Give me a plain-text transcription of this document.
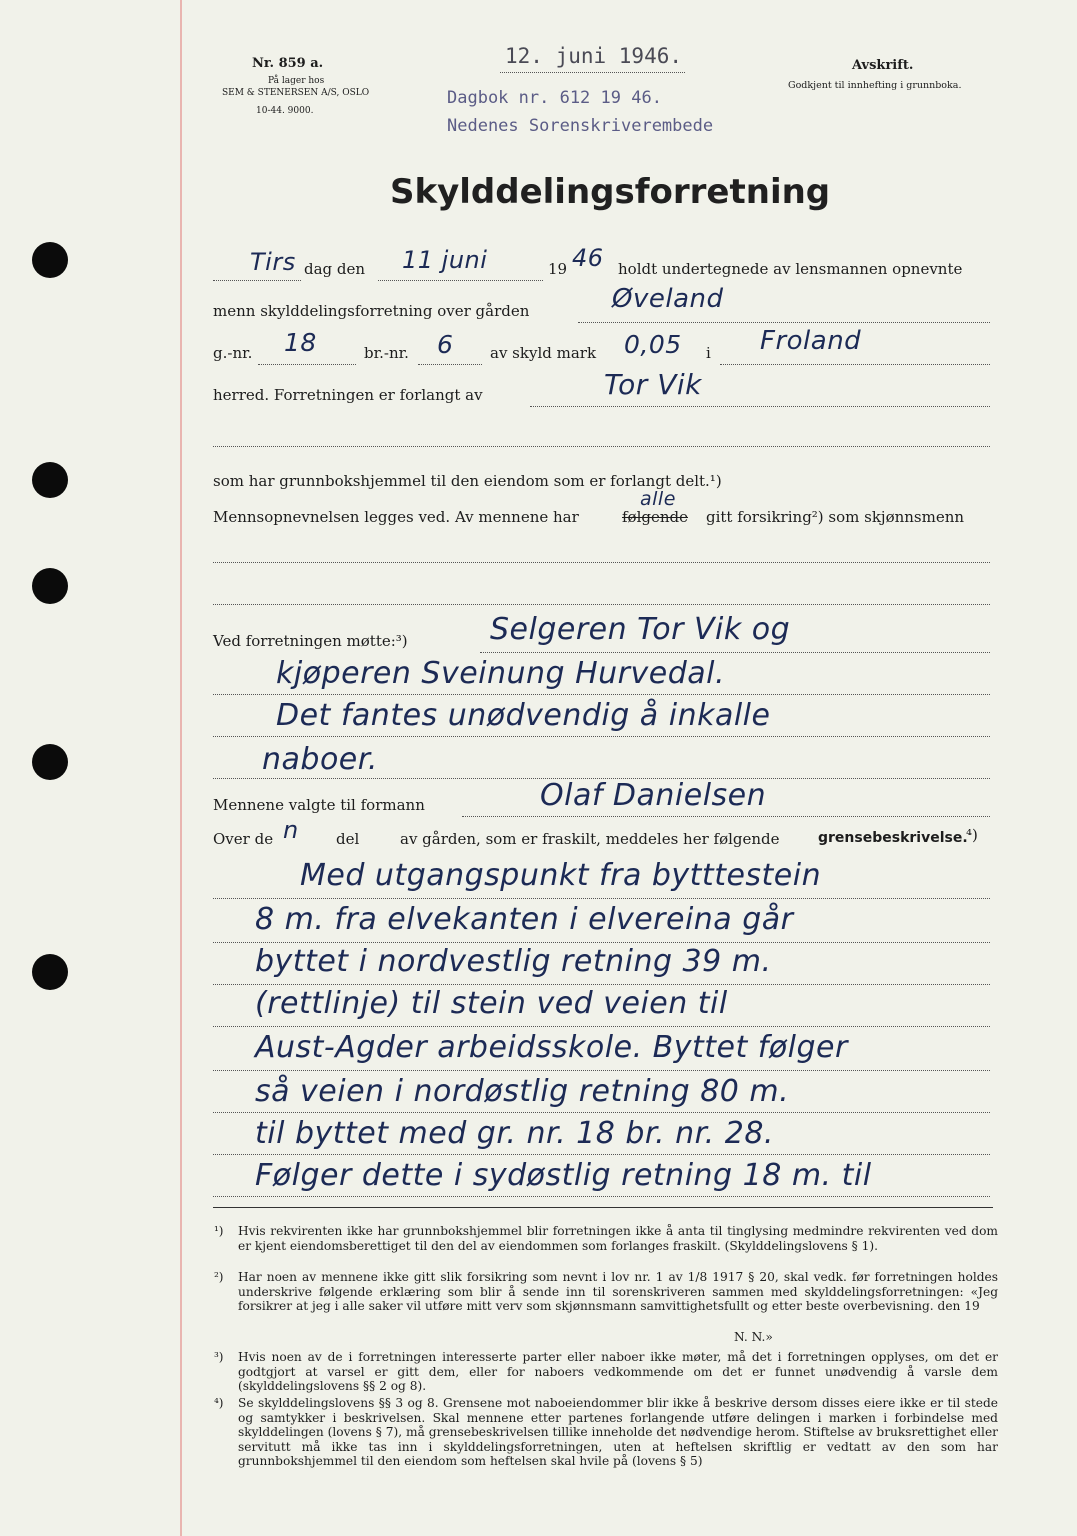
Nr. 859 a.
På lager hos
SEM & STENERSEN A/S, OSLO
10-44. 9000.
12. juni 1946.
Dagbok nr. 612 19 46.
Nedenes Sorenskriverembede
Avskrift.
Godkjent til innhefting i grunnboka.
Skylddelingsforretning
Tirs dag den 11 juni	19 46 holdt undertegnede av lensmannen opnevnte
menn skylddelingsforretning over gården	Øveland
g.-nr. 18	br.-nr. 6 av skyld mark 0,05 i Froland
herred. Forretningen er forlangt av	Tor Vik
som har grunnbokshjemmel til den eiendom som er forlangt delt.¹)
alle
Mennsopnevnelsen legges ved. Av mennene har	følgende gitt forsikring²) som skjønnsmenn
Ved forretningen møtte:³)	Selgeren Tor Vik og
kjøperen Sveinung Hurvedal.
Det fantes unødvendig å inkalle
naboer.
Mennene valgte til formann	Olaf Danielsen
Over de n del	av gården, som er fraskilt, meddeles her følgende	grensebeskrivelse.
⁴)
Med utgangspunkt fra bytttestein
8 m. fra elvekanten i elvereina går
byttet i nordvestlig retning 39 m.
(rettlinje) til stein ved veien til
Aust-Agder arbeidsskole. Byttet følger
så veien i nordøstlig retning 80 m.
til byttet med gr. nr. 18 br. nr. 28.
Følger dette i sydøstlig retning 18 m. til
¹) Hvis rekvirenten ikke har grunnbokshjemmel blir forretningen ikke å anta til tinglysing medmindre rekvirenten ved dom er kjent eiendomsberettiget til den del av eiendommen som forlanges fraskilt. (Skylddelingslovens § 1).
²) Har noen av mennene ikke gitt slik forsikring som nevnt i lov nr. 1 av 1/8 1917 § 20, skal vedk. før forretningen holdes underskrive følgende erklæring som blir å sende inn til sorenskriveren sammen med skylddelingsforretningen: «Jeg forsikrer at jeg i alle saker vil utføre mitt verv som skjønnsmann samvittighetsfullt og etter beste overbevisning. den 19
N. N.»
³) Hvis noen av de i forretningen interesserte parter eller naboer ikke møter, må det i forretningen opplyses, om det er godtgjort at varsel er gitt dem, eller for naboers vedkommende om det er funnet unødvendig å varsle dem (skylddelingslovens §§ 2 og 8).
⁴) Se skylddelingslovens §§ 3 og 8. Grensene mot naboeiendommer blir ikke å beskrive dersom disses eiere ikke er til stede og samtykker i beskrivelsen. Skal mennene etter partenes forlangende utføre delingen i marken i forbindelse med skylddelingen (lovens § 7), må grensebeskrivelsen tillike inneholde det nødvendige herom. Stiftelse av bruksrettighet eller servitutt må ikke tas inn i skylddelingsforretningen, uten at heftelsen skriftlig er vedtatt av den som har grunnbokshjemmel til den eiendom som heftelsen skal hvile på (lovens § 5)
